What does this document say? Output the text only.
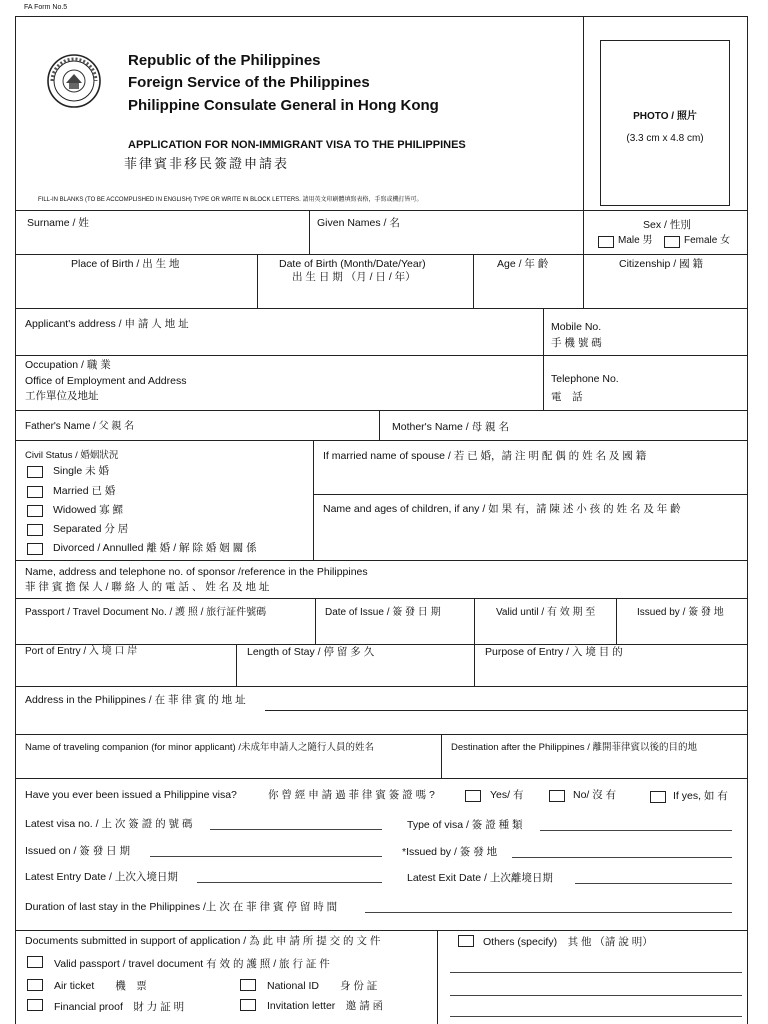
FA Form No.5
Republic of the Philippines
Foreign Service of the Philippines
Philippine Consulate General in Hong Kong
APPLICATION FOR NON-IMMIGRANT VISA TO THE PHILIPPINES
菲律賓非移民簽證申請表
FILL-IN BLANKS (TO BE ACCOMPLISHED IN ENGLISH) TYPE OR WRITE IN BLOCK LETTERS. 請用英文印刷體填寫表格，手寫或機打皆可。
PHOTO / 照片
(3.3 cm x 4.8 cm)
Surname / 姓	Given Names / 名	Sex / 性別
Male 男	Female 女
Place of Birth / 出 生 地	Date of Birth (Month/Date/Year)
出 生 日 期 （月 / 日 / 年）
Age / 年 齡	Citizenship / 國 籍
Applicant's address / 申 請 人 地 址	Mobile No.
手 機 號 碼
Occupation / 職 業
Office of Employment and Address
工作單位及地址
Telephone No.
電　話
Father's Name / 父 親 名	Mother's Name / 母 親 名
Civil Status / 婚姻狀況
Single 未 婚
Married 已 婚
Widowed 寡 鰥
Separated 分 居
Divorced / Annulled 離 婚 / 解 除 婚 姻 關 係
If married name of spouse / 若 已 婚，請 注 明 配 偶 的 姓 名 及 國 籍
Name and ages of children, if any / 如 果 有，請 陳 述 小 孩 的 姓 名 及 年 齡
Name, address and telephone no. of sponsor /reference in the Philippines
菲 律 賓 擔 保 人 / 聯 絡 人 的 電 話 、 姓 名 及 地 址
Passport / Travel Document No. / 護 照 / 旅行証件號碼	Date of Issue / 簽 發 日 期	Valid until / 有 效 期 至	Issued by / 簽 發 地
Port of Entry / 入 境 口 岸	Length of Stay / 停 留 多 久	Purpose of Entry / 入 境 目 的
Address in the Philippines / 在 菲 律 賓 的 地 址
Name of traveling companion (for minor applicant) /未成年申請人之隨行人員的姓名	Destination after the Philippines / 離開菲律賓以後的目的地
Have you ever been issued a Philippine visa?	你 曾 經 申 請 過 菲 律 賓 簽 證 嗎 ?	Yes/ 有	No/ 沒 有	If yes, 如 有
Latest visa no. / 上 次 簽 證 的 號 碼	Type of visa / 簽 證 種 類
Issued on / 簽 發 日 期	*Issued by / 簽 發 地
Latest Entry Date / 上次入境日期	Latest Exit Date / 上次離境日期
Duration of last stay in the Philippines /上 次 在 菲 律 賓 停 留 時 間
Documents submitted in support of application / 為 此 申 請 所 提 交 的 文 件
Valid passport / travel document 有 效 的 護 照 / 旅 行 証 件
Air ticket　　機　票	National ID　　身 份 証
Financial proof　財 力 証 明	Invitation letter　邀 請 函
Others (specify)　其 他 （請 說 明）
